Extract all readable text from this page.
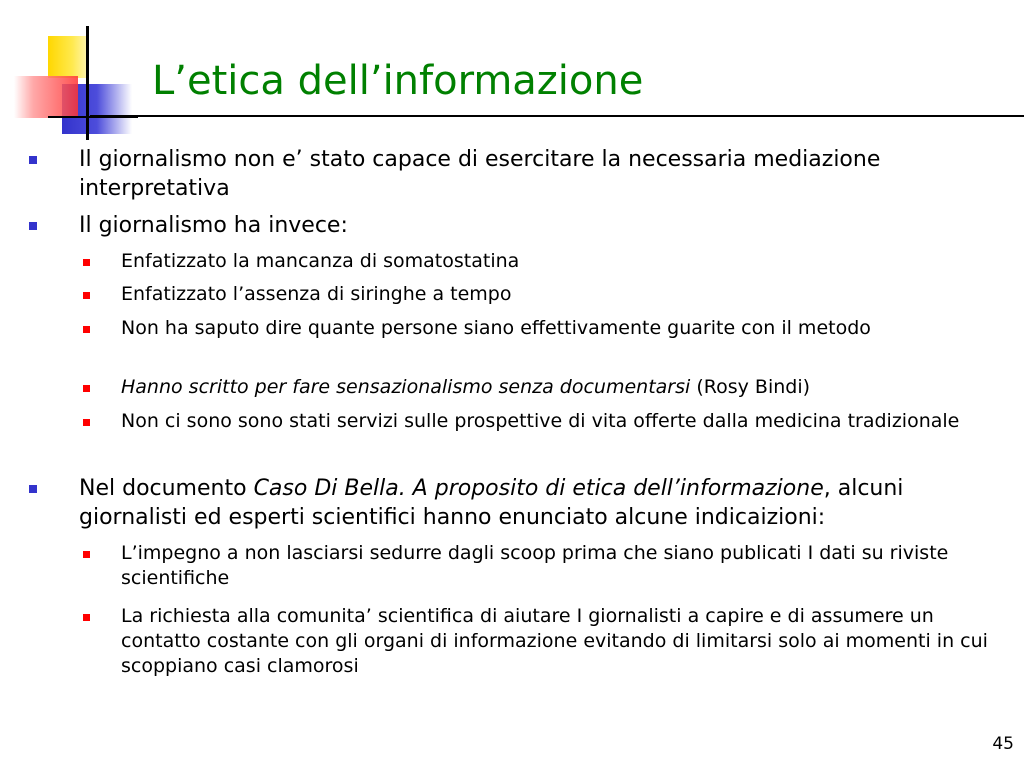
L’etica dell’informazione
Il giornalismo non e’ stato capace di esercitare la necessaria mediazione interpretativa
Il giornalismo ha invece:
Enfatizzato la mancanza di somatostatina
Enfatizzato l’assenza di siringhe a tempo
Non ha saputo dire quante persone siano effettivamente guarite con il metodo
Hanno scritto per fare sensazionalismo senza documentarsi (Rosy Bindi)
Non ci sono sono stati servizi sulle prospettive di vita offerte dalla medicina tradizionale
Nel documento Caso Di Bella. A proposito di etica dell’informazione, alcuni giornalisti ed esperti scientifici hanno enunciato alcune indicaizioni:
L’impegno a non lasciarsi sedurre dagli scoop prima che siano publicati I dati su riviste scientifiche
La richiesta alla comunita’ scientifica di aiutare I giornalisti a capire e di assumere un contatto costante con gli organi di informazione evitando di limitarsi solo ai momenti in cui scoppiano casi clamorosi
45
